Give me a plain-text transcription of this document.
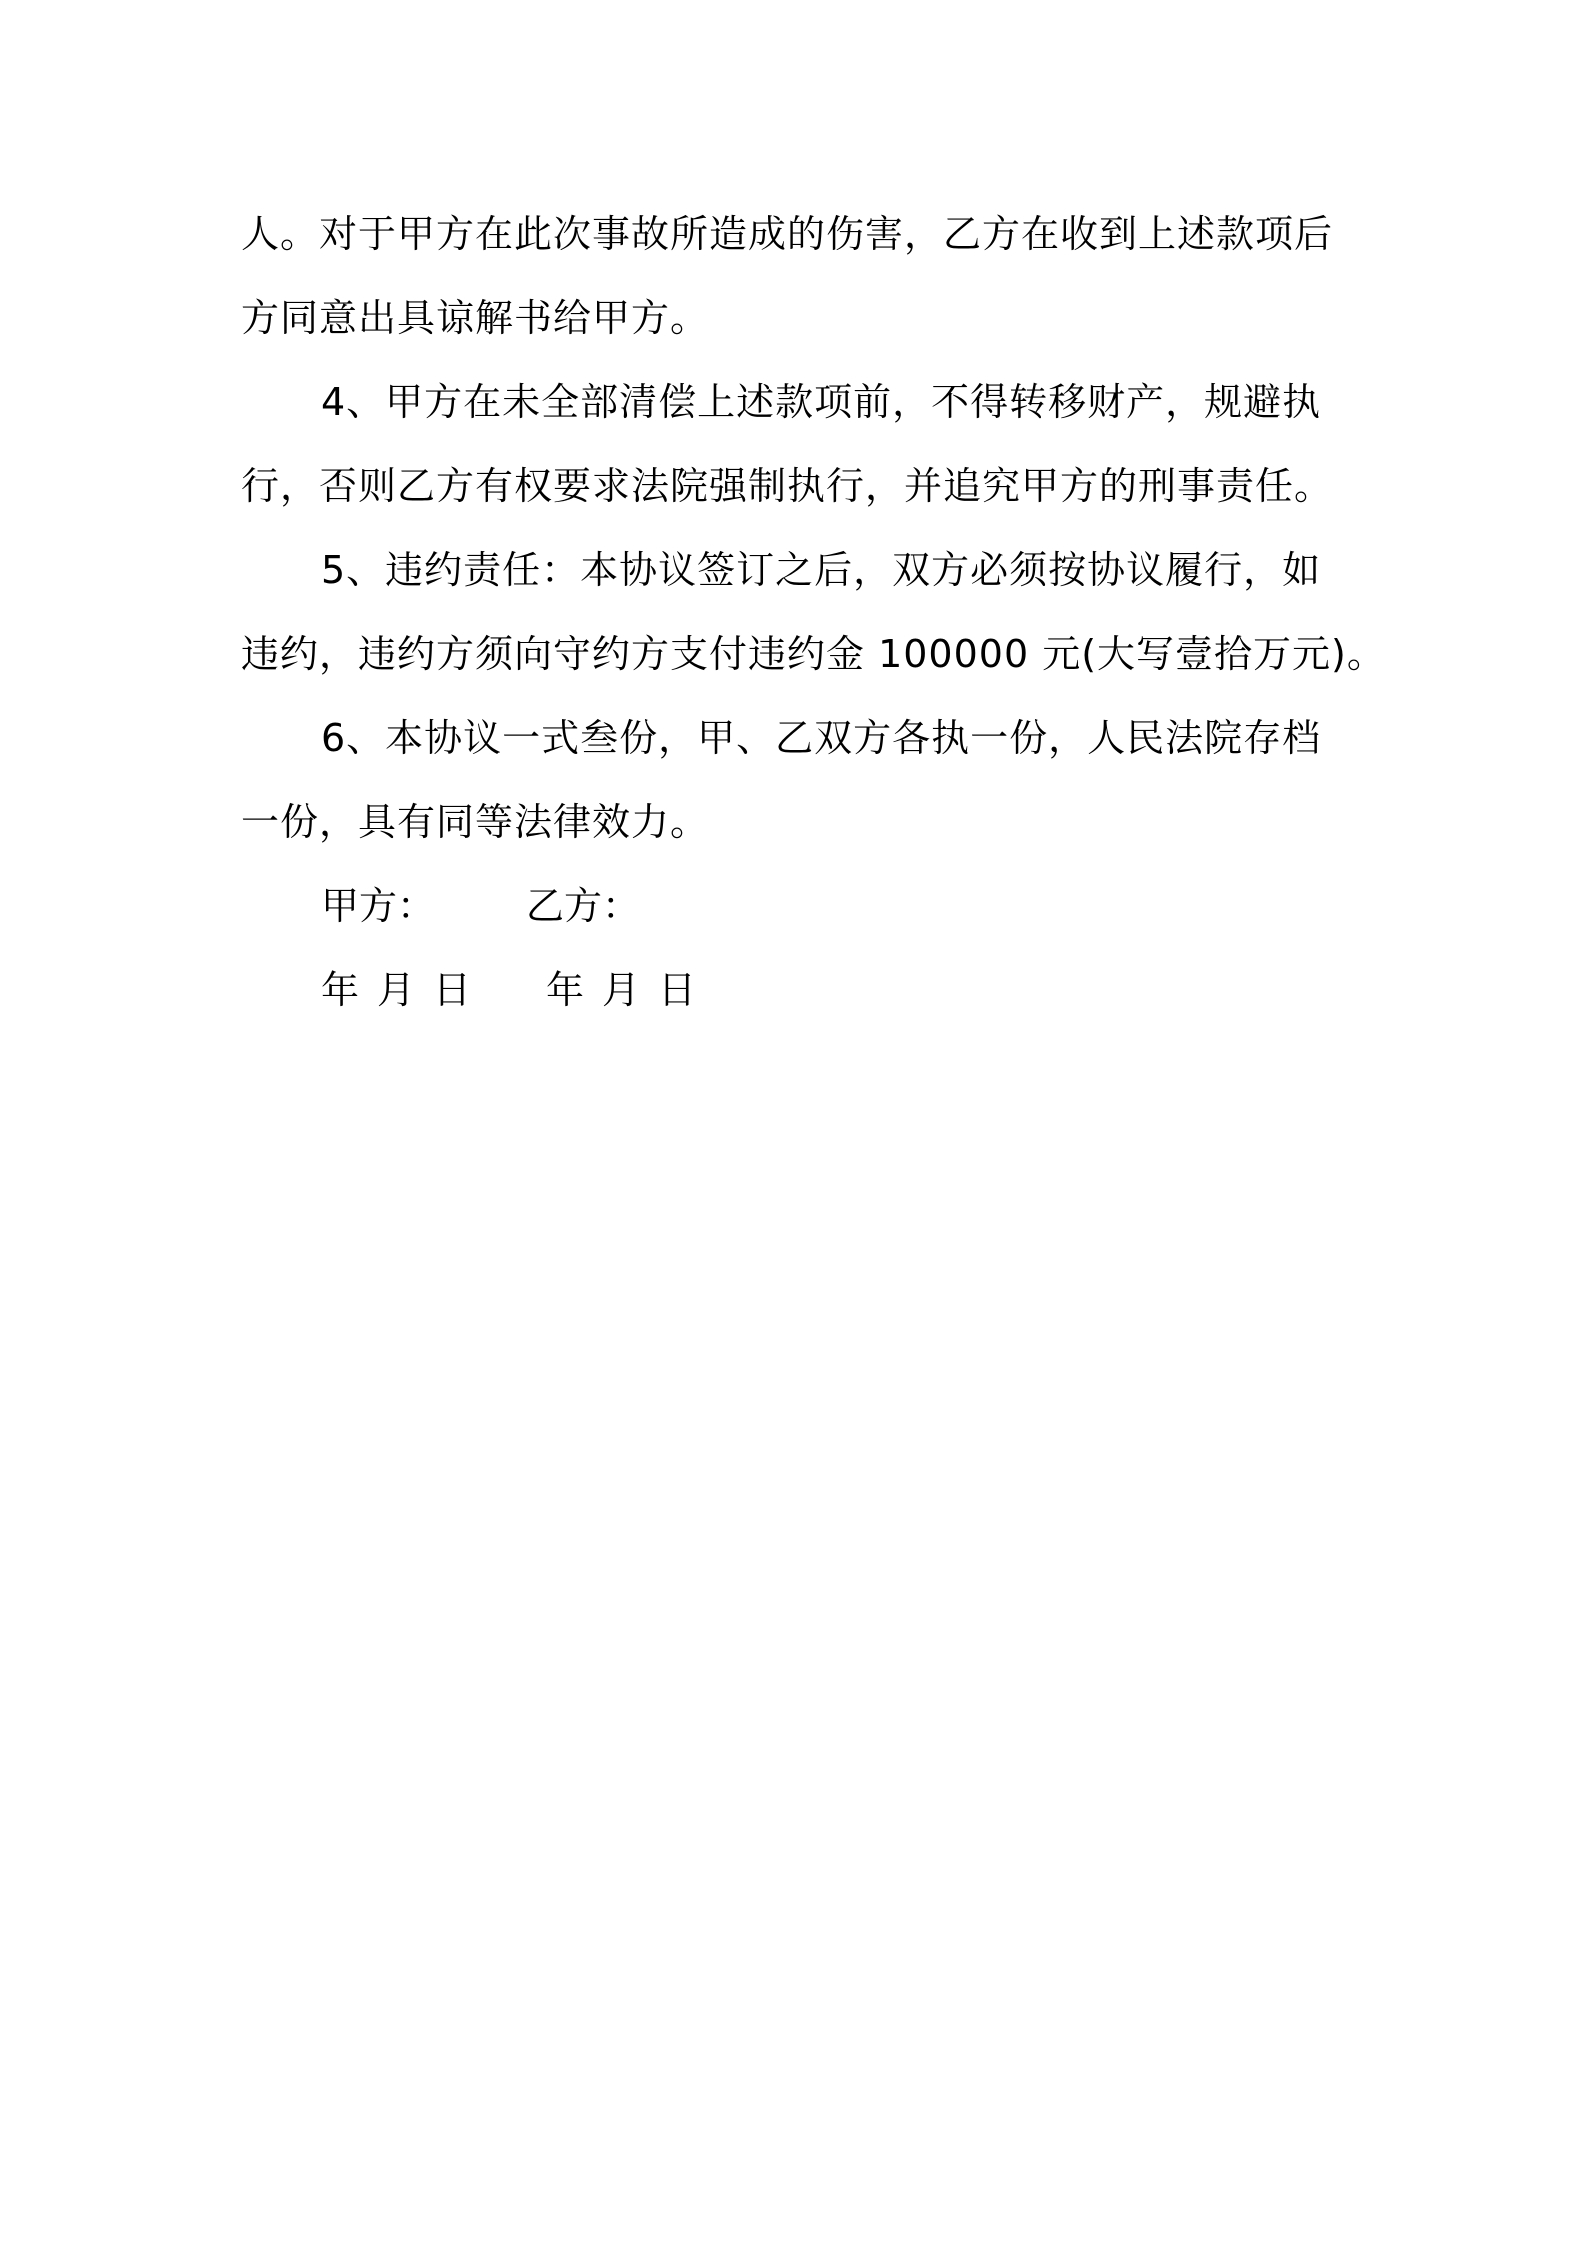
人。对于甲方在此次事故所造成的伤害，乙方在收到上述款项后
方同意出具谅解书给甲方。
4、甲方在未全部清偿上述款项前，不得转移财产，规避执
行，否则乙方有权要求法院强制执行，并追究甲方的刑事责任。
5、违约责任：本协议签订之后，双方必须按协议履行，如
违约，违约方须向守约方支付违约金 100000 元(大写壹拾万元)。
6、本协议一式叁份，甲、乙双方各执一份，人民法院存档
一份，具有同等法律效力。
甲方： 乙方：
年月日 年月日
